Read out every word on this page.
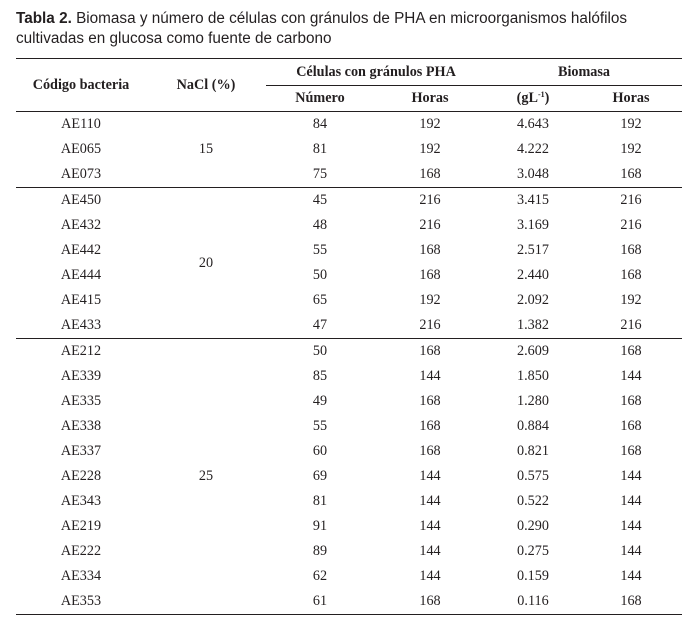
Tabla 2. Biomasa y número de células con gránulos de PHA en microorganismos halófilos cultivadas en glucosa como fuente de carbono
Código bacteria	NaCl (%)	Células con gránulos PHA		Biomasa	
		Número	Horas	$(gL^{-1})$	Horas
AE110	15	84	192	4.643	192
AE065		81	192	4.222	192
AE073		75	168	3.048	168
AE450	20	45	216	3.415	216
AE432		48	216	3.169	216
AE442		55	168	2.517	168
AE444		50	168	2.440	168
AE415		65	192	2.092	192
AE433		47	216	1.382	216
AE212	25	50	168	2.609	168
AE339		85	144	1.850	144
AE335		49	168	1.280	168
AE338		55	168	0.884	168
AE337		60	168	0.821	168
AE228		69	144	0.575	144
AE343		81	144	0.522	144
AE219		91	144	0.290	144
AE222		89	144	0.275	144
AE334		62	144	0.159	144
AE353		61	168	0.116	168
